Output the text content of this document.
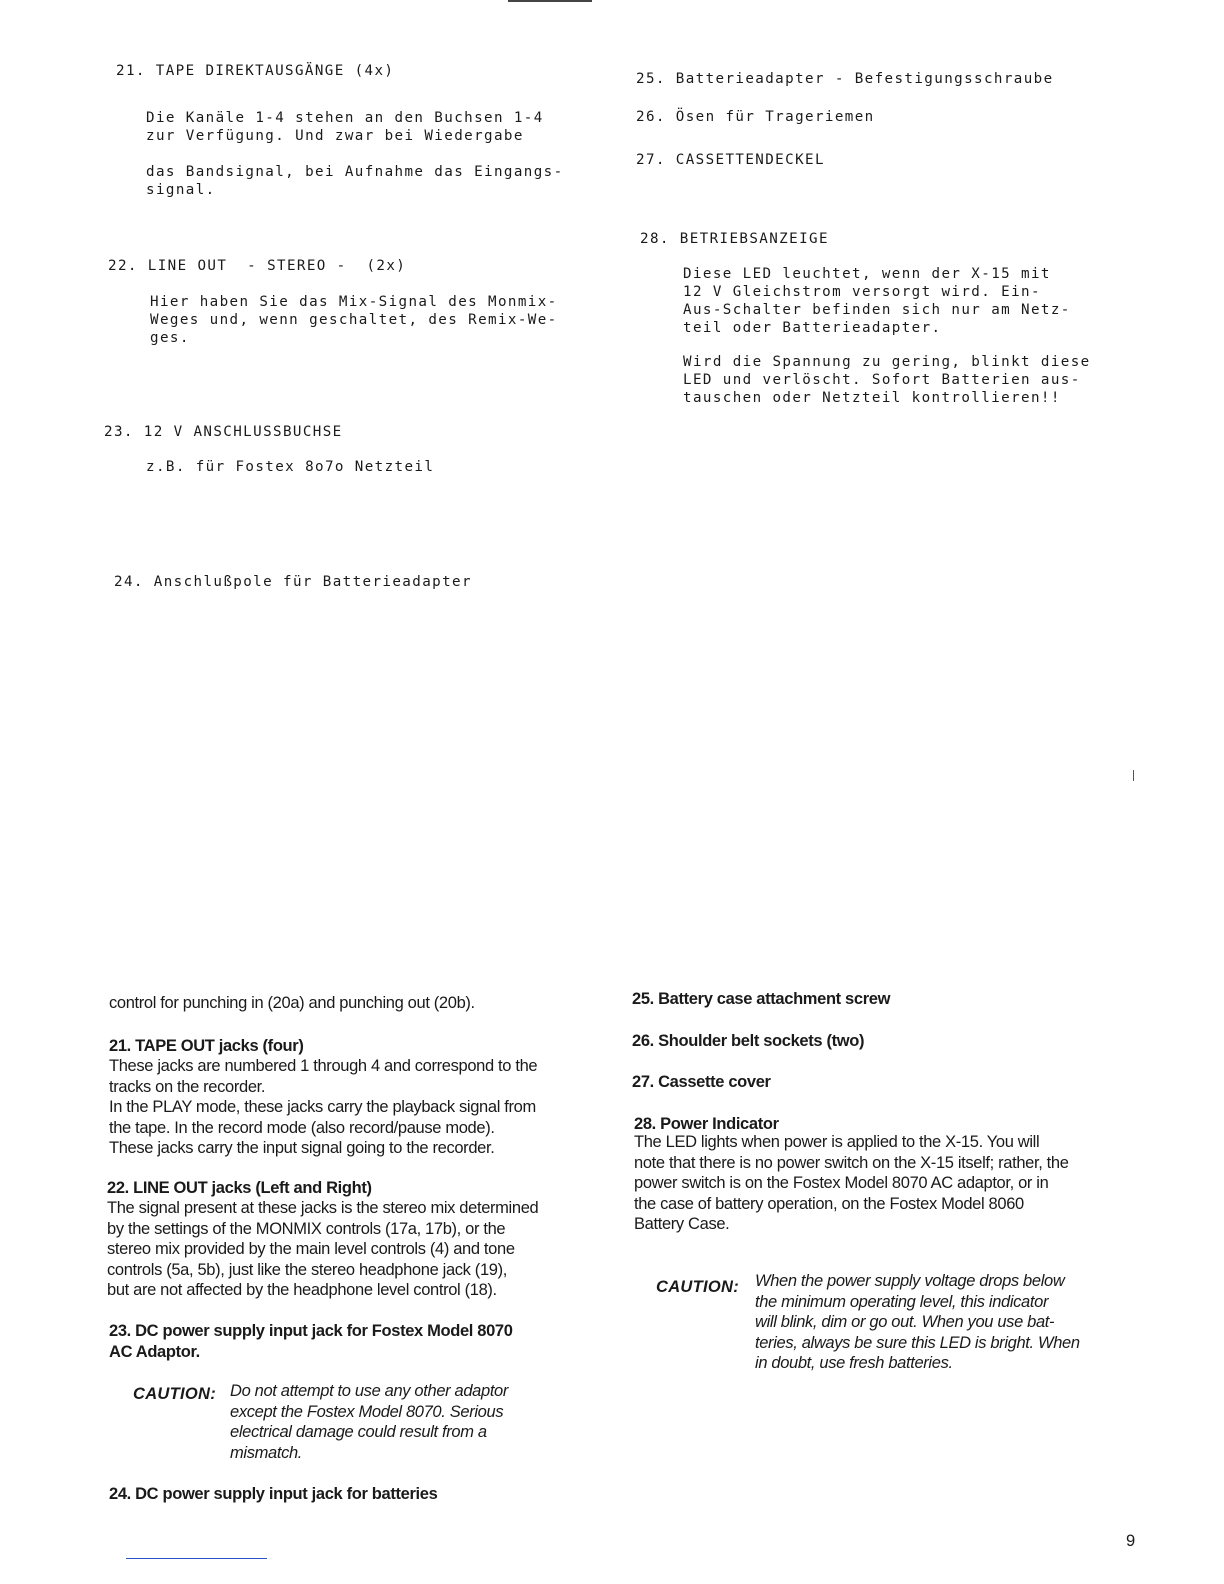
21. TAPE DIREKTAUSGÄNGE (4x)

Die Kanäle 1-4 stehen an den Buchsen 1-4
zur Verfügung. Und zwar bei Wiedergabe

das Bandsignal, bei Aufnahme das Eingangs-
signal.

22. LINE OUT  - STEREO -  (2x)

Hier haben Sie das Mix-Signal des Monmix-
Weges und, wenn geschaltet, des Remix-We-
ges.

23. 12 V ANSCHLUSSBUCHSE

z.B. für Fostex 8o7o Netzteil

24. Anschlußpole für Batterieadapter

25. Batterieadapter - Befestigungsschraube

26. Ösen für Trageriemen

27. CASSETTENDECKEL

28. BETRIEBSANZEIGE

Diese LED leuchtet, wenn der X-15 mit
12 V Gleichstrom versorgt wird. Ein-
Aus-Schalter befinden sich nur am Netz-
teil oder Batterieadapter.

Wird die Spannung zu gering, blinkt diese
LED und verlöscht. Sofort Batterien aus-
tauschen oder Netzteil kontrollieren!!

control for punching in (20a) and punching out (20b).

21. TAPE OUT jacks (four)

These jacks are numbered 1 through 4 and correspond to the
tracks on the recorder.
In the PLAY mode, these jacks carry the playback signal from
the tape. In the record mode (also record/pause mode).
These jacks carry the input signal going to the recorder.

22. LINE OUT jacks (Left and Right)

The signal present at these jacks is the stereo mix determined
by the settings of the MONMIX controls (17a, 17b), or the
stereo mix provided by the main level controls (4) and tone
controls (5a, 5b), just like the stereo headphone jack (19),
but are not affected by the headphone level control (18).

23. DC power supply input jack for Fostex Model 8070
AC Adaptor.

CAUTION: Do not attempt to use any other adaptor
except the Fostex Model 8070. Serious
electrical damage could result from a
mismatch.

24. DC power supply input jack for batteries

25. Battery case attachment screw

26. Shoulder belt sockets (two)

27. Cassette cover

28. Power Indicator

The LED lights when power is applied to the X-15. You will
note that there is no power switch on the X-15 itself; rather, the
power switch is on the Fostex Model 8070 AC adaptor, or in
the case of battery operation, on the Fostex Model 8060
Battery Case.

CAUTION: When the power supply voltage drops below
the minimum operating level, this indicator
will blink, dim or go out. When you use bat-
teries, always be sure this LED is bright. When
in doubt, use fresh batteries.

9
